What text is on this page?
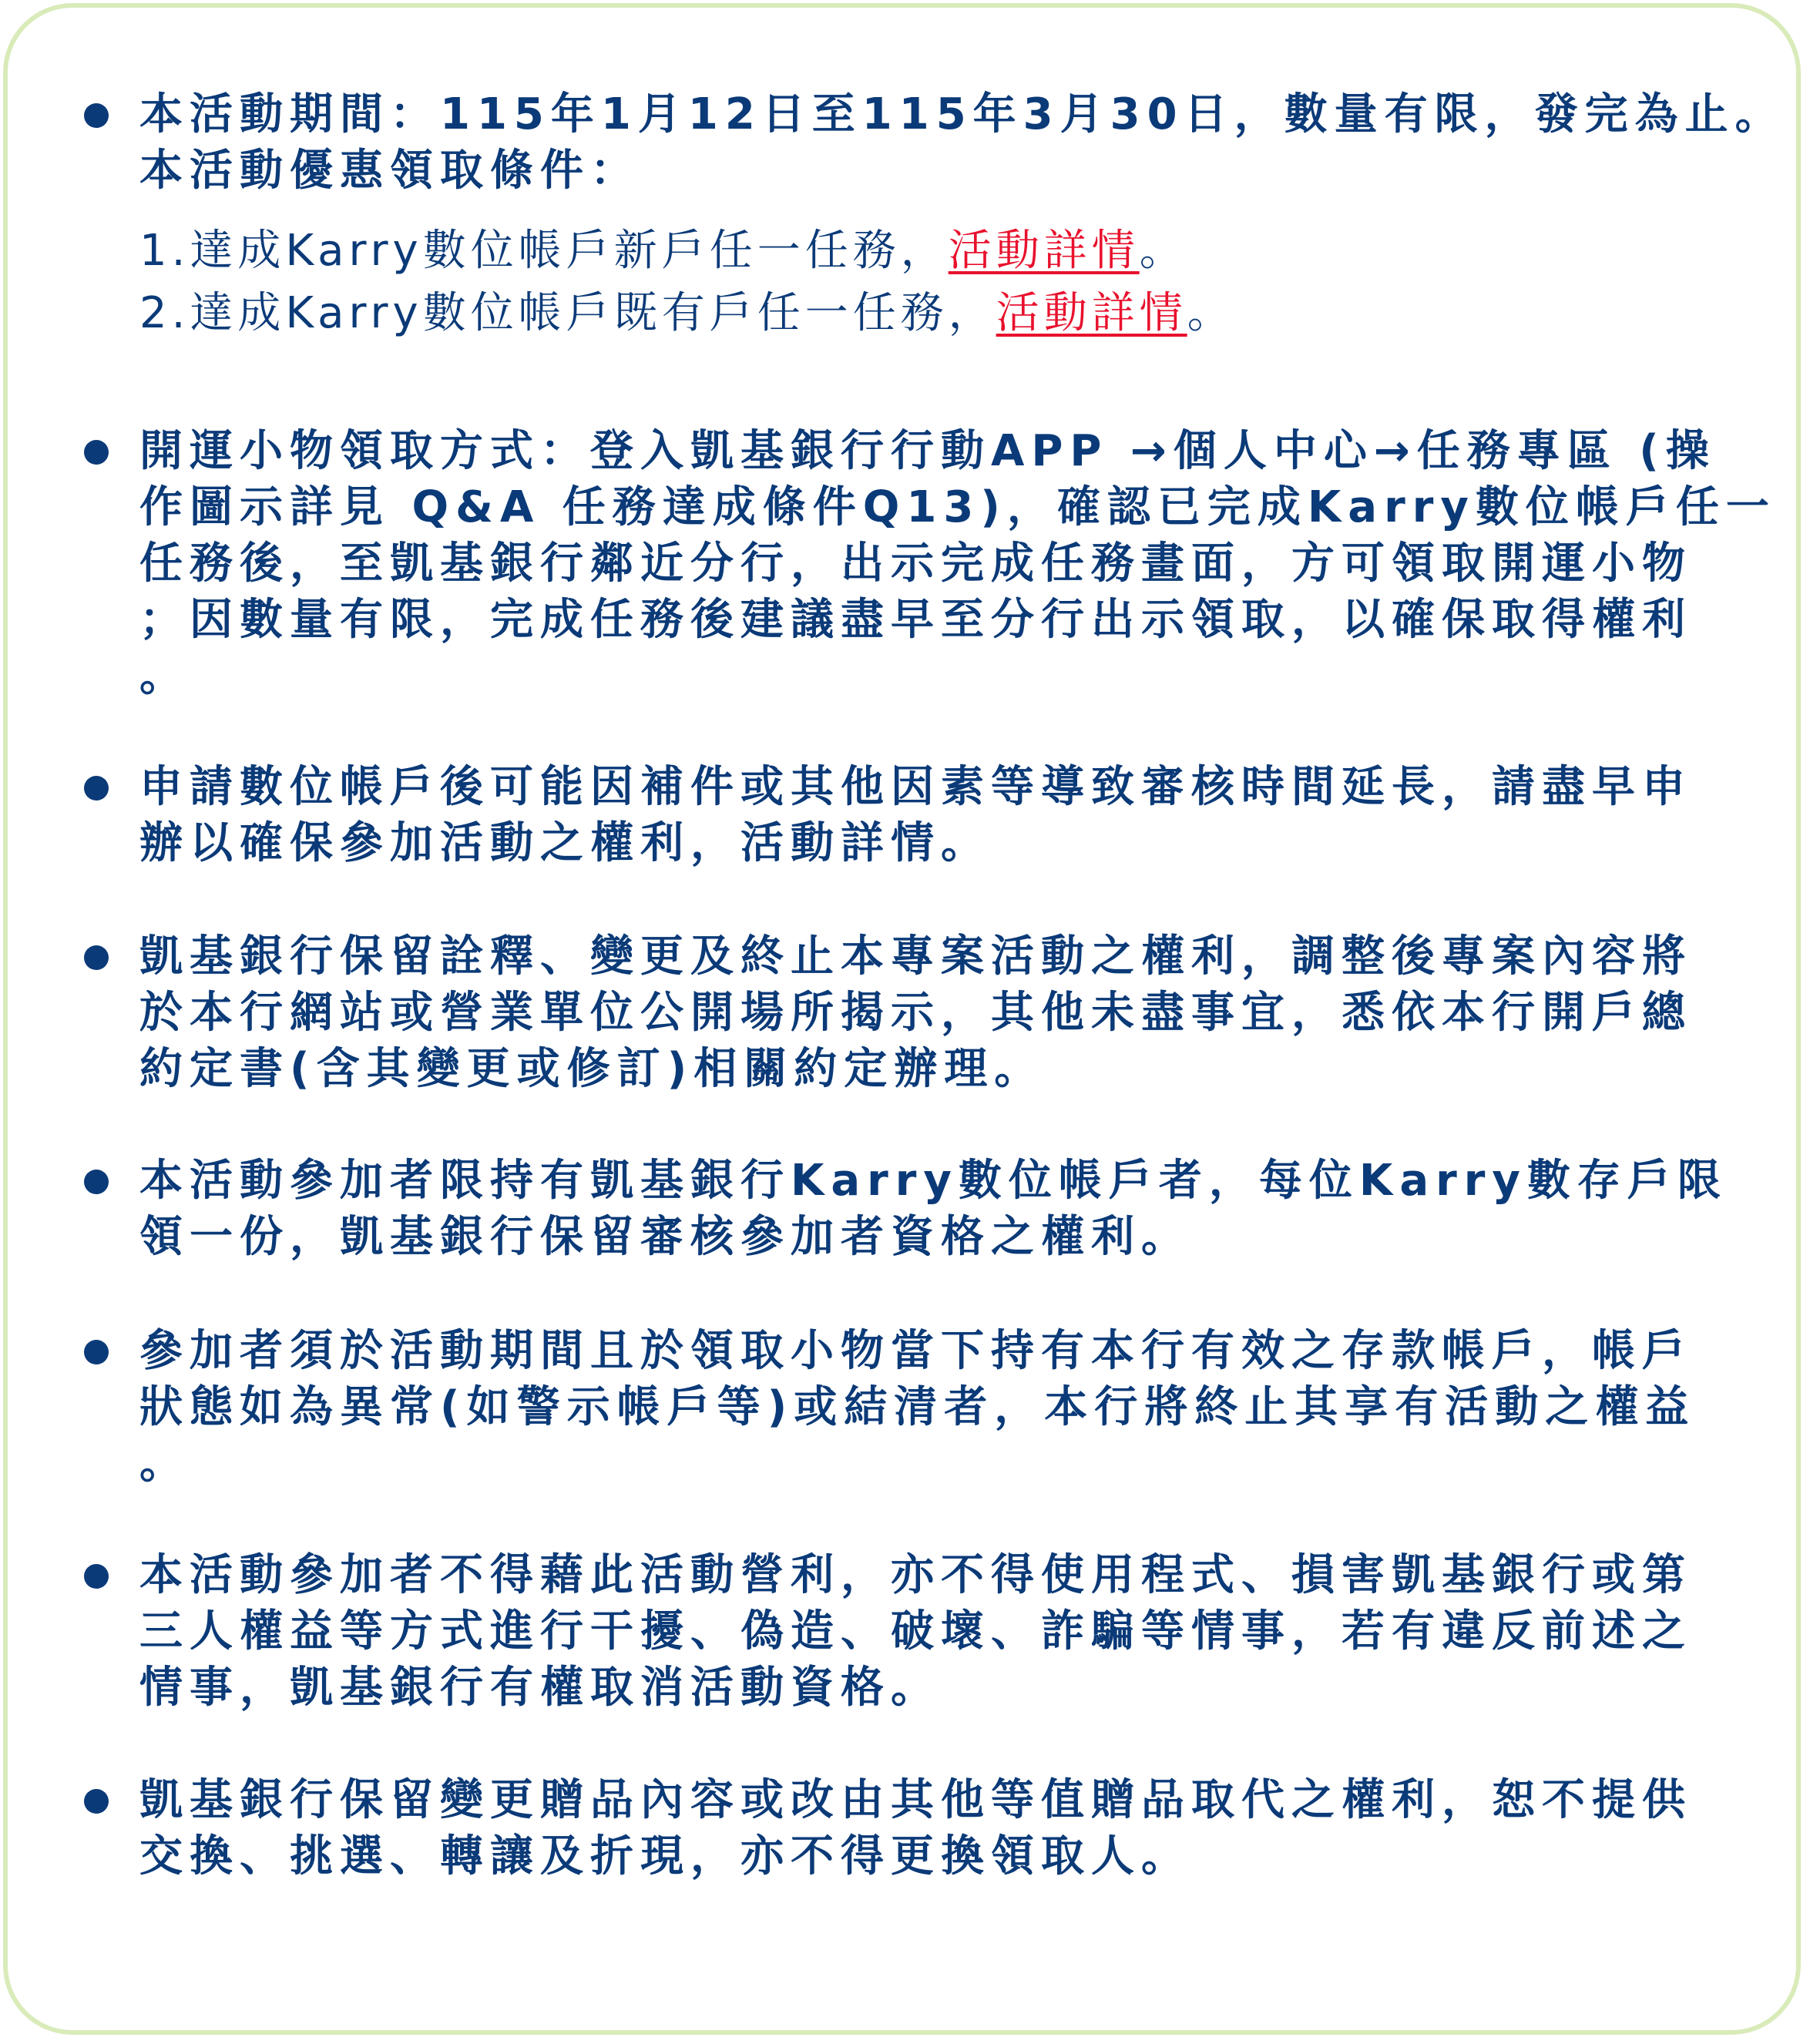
本活動期間：115年1月12日至115年3月30日，數量有限，發完為止。
本活動優惠領取條件：
1.達成Karry數位帳戶新戶任一任務，活動詳情。
2.達成Karry數位帳戶既有戶任一任務，活動詳情。
開運小物領取方式：登入凱基銀行行動APP →個人中心→任務專區 (操
作圖示詳見 Q&A 任務達成條件Q13)，確認已完成Karry數位帳戶任一
任務後，至凱基銀行鄰近分行，出示完成任務畫面，方可領取開運小物
；因數量有限，完成任務後建議盡早至分行出示領取，以確保取得權利
。
申請數位帳戶後可能因補件或其他因素等導致審核時間延長，請盡早申
辦以確保參加活動之權利，活動詳情。
凱基銀行保留詮釋、變更及終止本專案活動之權利，調整後專案內容將
於本行網站或營業單位公開場所揭示，其他未盡事宜，悉依本行開戶總
約定書(含其變更或修訂)相關約定辦理。
本活動參加者限持有凱基銀行Karry數位帳戶者，每位Karry數存戶限
領一份，凱基銀行保留審核參加者資格之權利。
參加者須於活動期間且於領取小物當下持有本行有效之存款帳戶，帳戶
狀態如為異常(如警示帳戶等)或結清者，本行將終止其享有活動之權益
。
本活動參加者不得藉此活動營利，亦不得使用程式、損害凱基銀行或第
三人權益等方式進行干擾、偽造、破壞、詐騙等情事，若有違反前述之
情事，凱基銀行有權取消活動資格。
凱基銀行保留變更贈品內容或改由其他等值贈品取代之權利，恕不提供
交換、挑選、轉讓及折現，亦不得更換領取人。
